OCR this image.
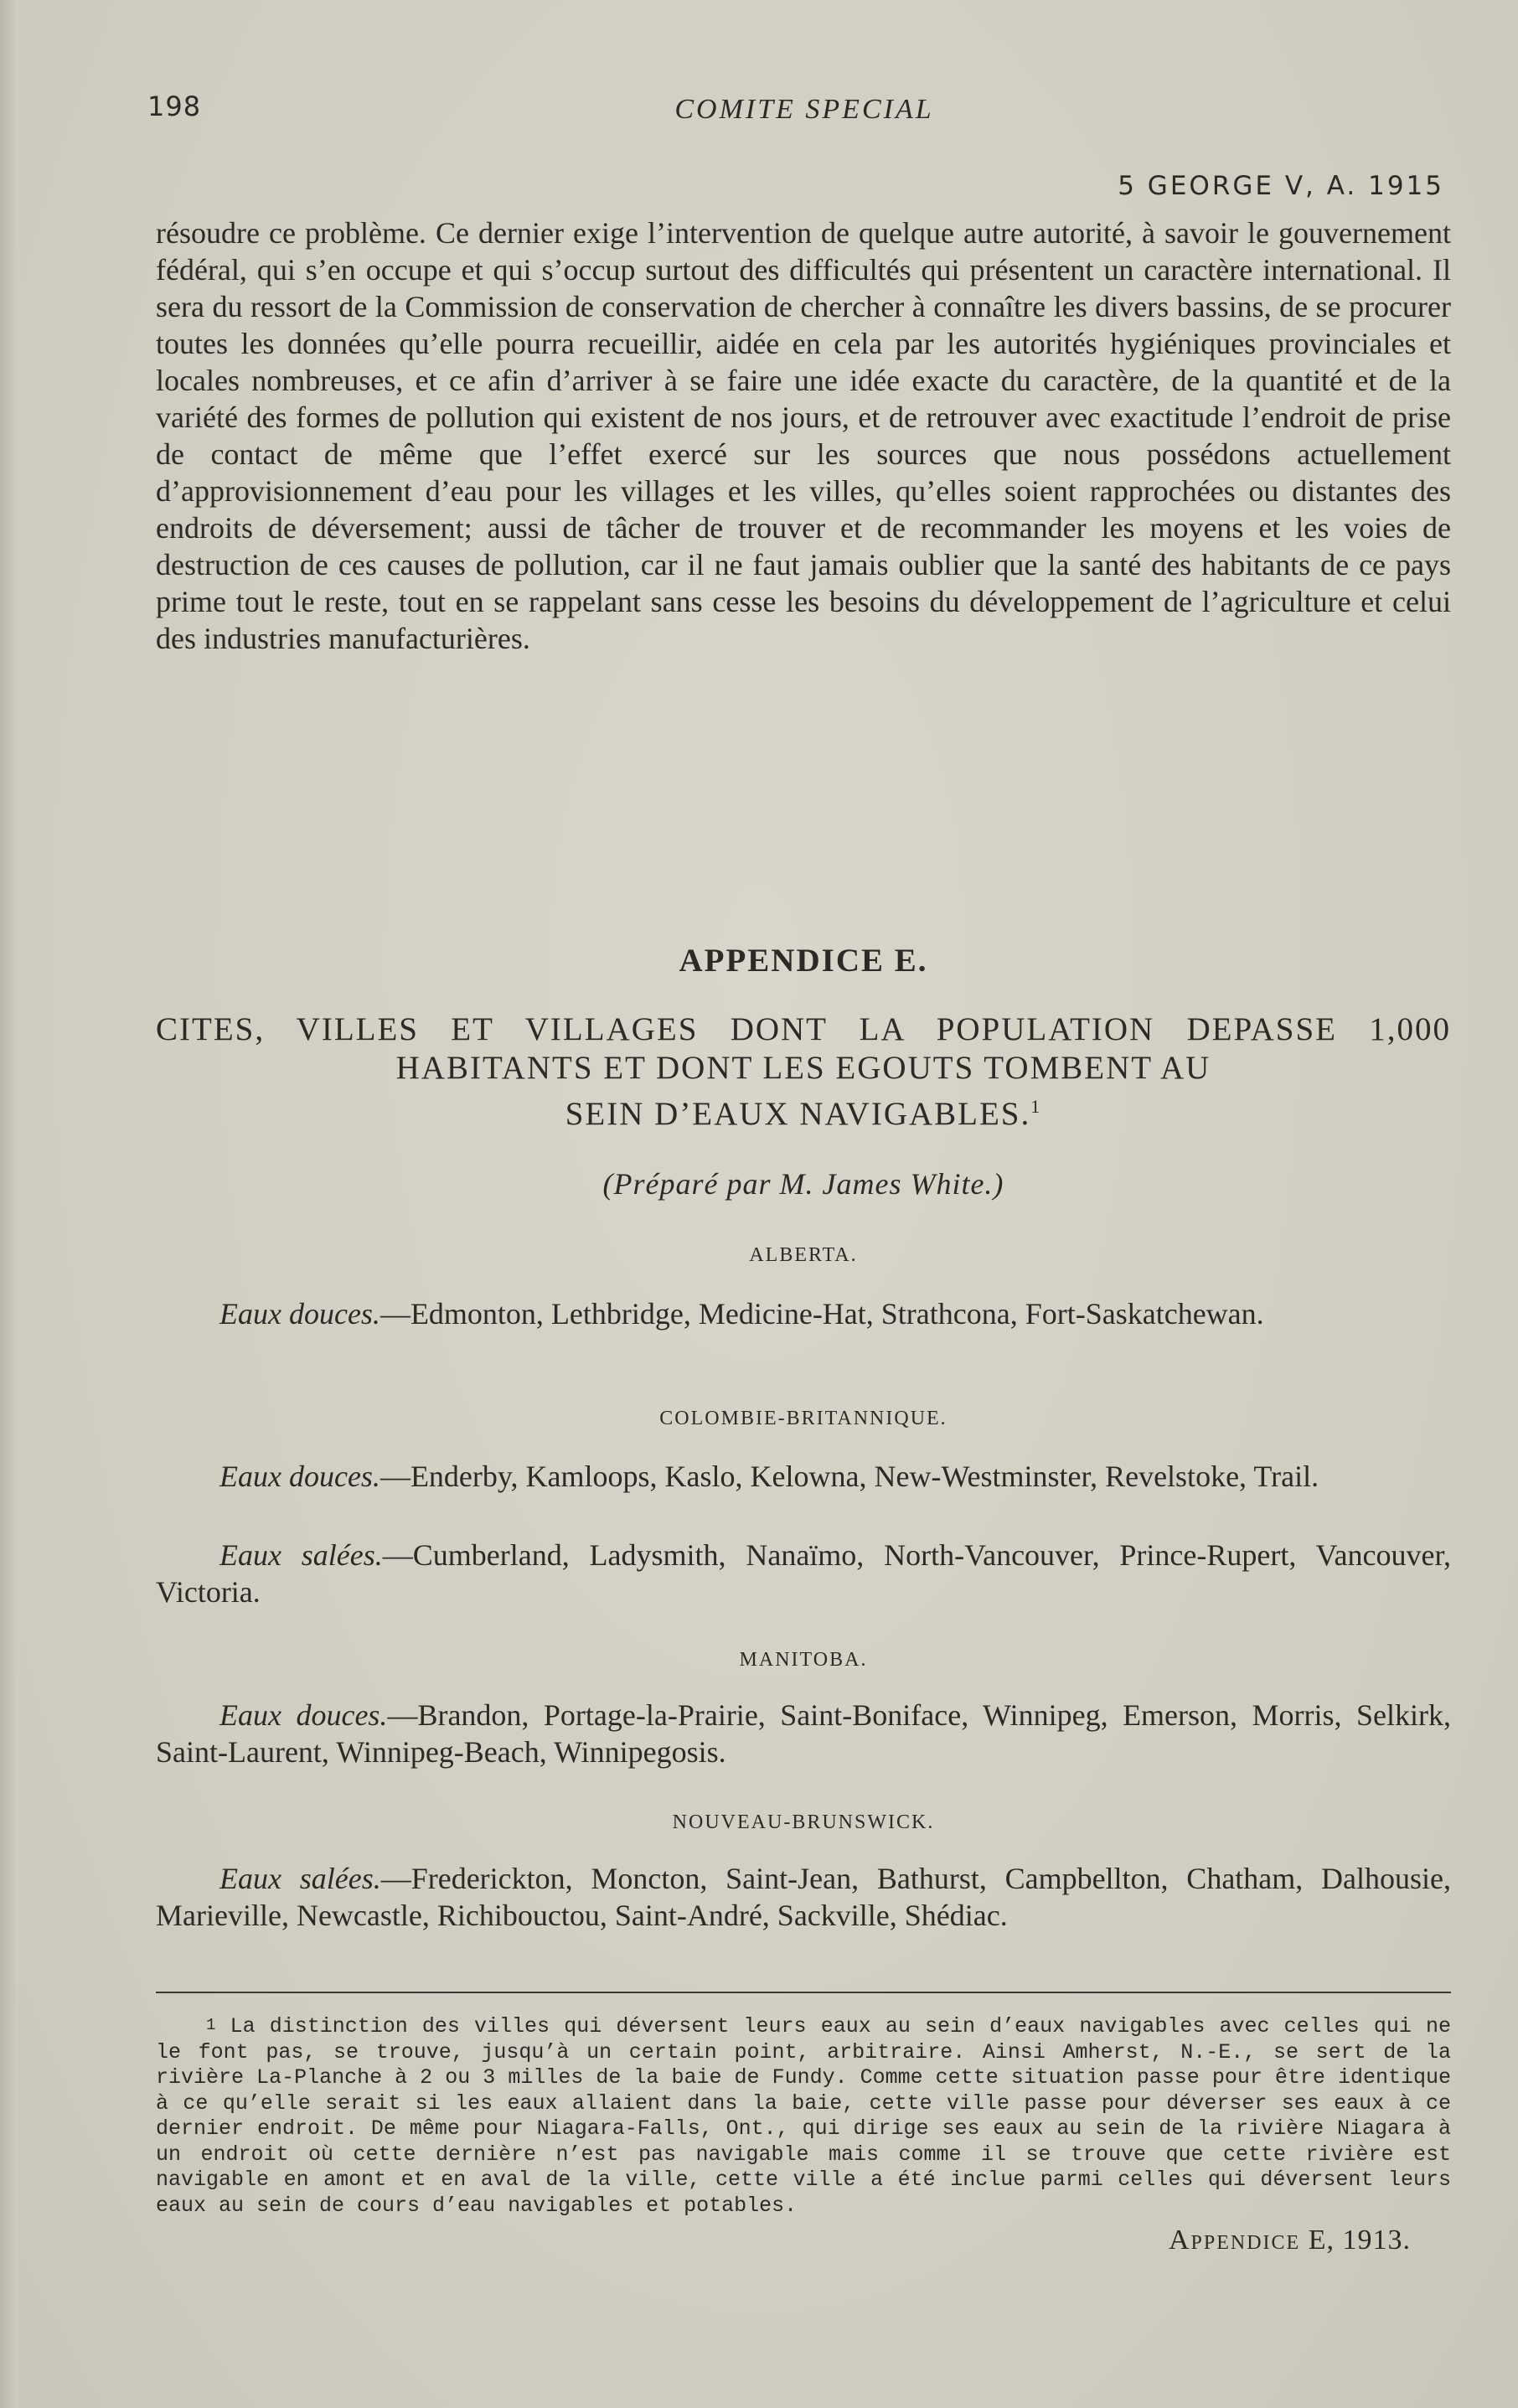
198	COMITE SPECIAL
5 GEORGE V, A. 1915

résoudre ce problème. Ce dernier exige l’intervention de quelque autre autorité, à savoir le gouvernement fédéral, qui s’en occupe et qui s’occup surtout des difficultés qui présentent un caractère international. Il sera du ressort de la Commission de conservation de chercher à connaître les divers bassins, de se procurer toutes les données qu’elle pourra recueillir, aidée en cela par les autorités hygiéniques provinciales et locales nombreuses, et ce afin d’arriver à se faire une idée exacte du caractère, de la quantité et de la variété des formes de pollution qui existent de nos jours, et de retrouver avec exactitude l’endroit de prise de contact de même que l’effet exercé sur les sources que nous possédons actuellement d’approvisionnement d’eau pour les villages et les villes, qu’elles soient rapprochées ou distantes des endroits de déversement; aussi de tâcher de trouver et de recommander les moyens et les voies de destruction de ces causes de pollution, car il ne faut jamais oublier que la santé des habitants de ce pays prime tout le reste, tout en se rappelant sans cesse les besoins du développement de l’agriculture et celui des industries manufacturières.

APPENDICE E.
CITES, VILLES ET VILLAGES DONT LA POPULATION DEPASSE 1,000
HABITANTS ET DONT LES EGOUTS TOMBENT AU
SEIN D’EAUX NAVIGABLES.$^1$
(Préparé par M. James White.)
ALBERTA.

Eaux douces.—Edmonton, Lethbridge, Medicine-Hat, Strathcona, Fort-Saskatchewan.

COLOMBIE-BRITANNIQUE.

Eaux douces.—Enderby, Kamloops, Kaslo, Kelowna, New-Westminster, Revelstoke, Trail.

Eaux salées.—Cumberland, Ladysmith, Nanaïmo, North-Vancouver, Prince-Rupert, Vancouver, Victoria.

MANITOBA.

Eaux douces.—Brandon, Portage-la-Prairie, Saint-Boniface, Winnipeg, Emerson, Morris, Selkirk, Saint-Laurent, Winnipeg-Beach, Winnipegosis.

NOUVEAU-BRUNSWICK.

Eaux salées.—Frederickton, Moncton, Saint-Jean, Bathurst, Campbellton, Chatham, Dalhousie, Marieville, Newcastle, Richibouctou, Saint-André, Sackville, Shédiac.

1 La distinction des villes qui déversent leurs eaux au sein d’eaux navigables avec celles qui ne le font pas, se trouve, jusqu’à un certain point, arbitraire. Ainsi Amherst, N.-E., se sert de la rivière La-Planche à 2 ou 3 milles de la baie de Fundy. Comme cette situation passe pour être identique à ce qu’elle serait si les eaux allaient dans la baie, cette ville passe pour déverser ses eaux à ce dernier endroit. De même pour Niagara-Falls, Ont., qui dirige ses eaux au sein de la rivière Niagara à un endroit où cette dernière n’est pas navigable mais comme il se trouve que cette rivière est navigable en amont et en aval de la ville, cette ville a été inclue parmi celles qui déversent leurs eaux au sein de cours d’eau navigables et potables.

Appendice E, 1913.
